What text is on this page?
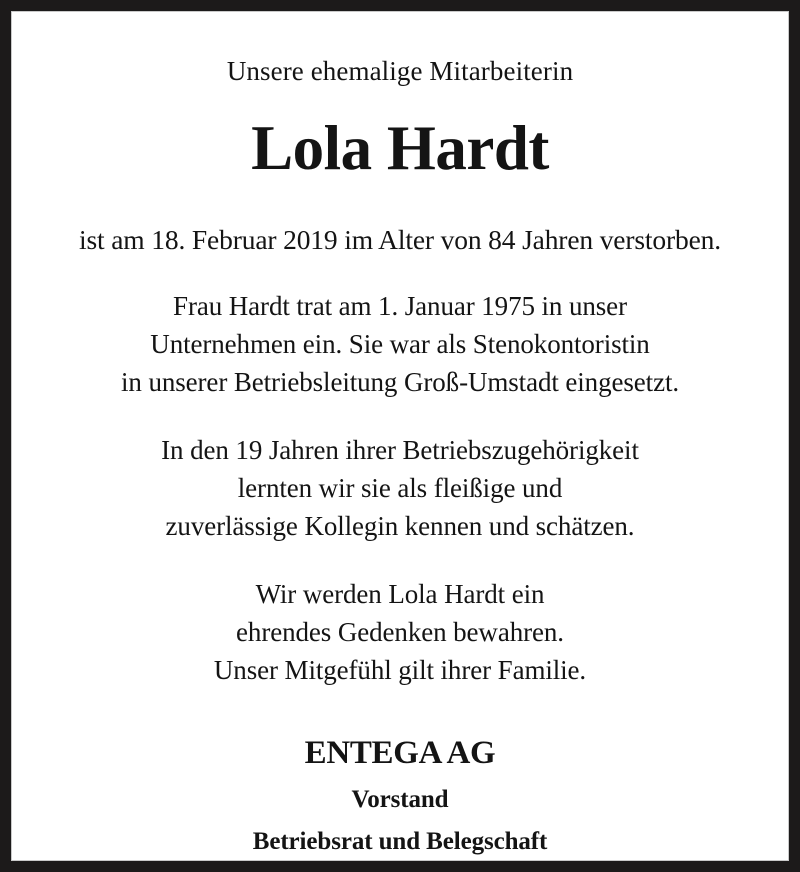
Unsere ehemalige Mitarbeiterin
Lola Hardt
ist am 18. Februar 2019 im Alter von 84 Jahren verstorben.
Frau Hardt trat am 1. Januar 1975 in unser
Unternehmen ein. Sie war als Stenokontoristin
in unserer Betriebsleitung Groß-Umstadt eingesetzt.
In den 19 Jahren ihrer Betriebszugehörigkeit
lernten wir sie als fleißige und
zuverlässige Kollegin kennen und schätzen.
Wir werden Lola Hardt ein
ehrendes Gedenken bewahren.
Unser Mitgefühl gilt ihrer Familie.
ENTEGA AG
Vorstand
Betriebsrat und Belegschaft
